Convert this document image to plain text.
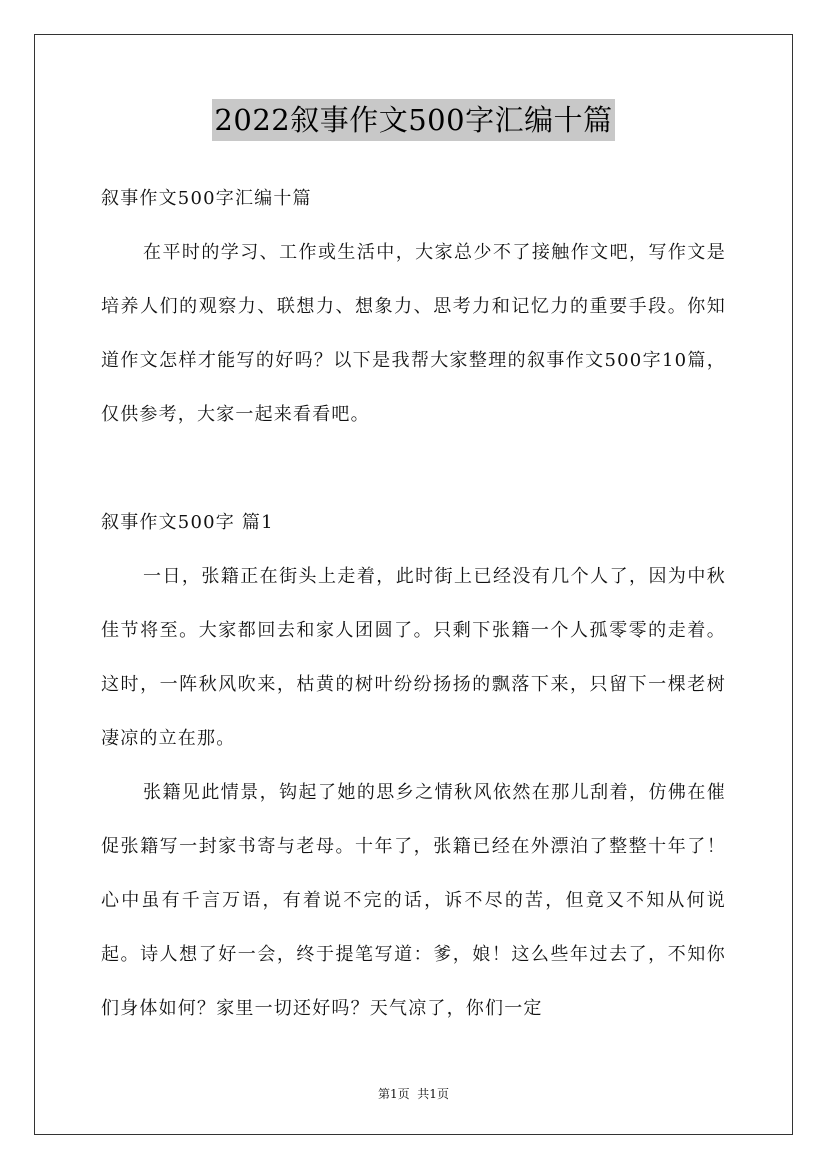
2022叙事作文500字汇编十篇

叙事作文500字汇编十篇

在平时的学习、工作或生活中，大家总少不了接触作文吧，写作文是培养人们的观察力、联想力、想象力、思考力和记忆力的重要手段。你知道作文怎样才能写的好吗？以下是我帮大家整理的叙事作文500字10篇，仅供参考，大家一起来看看吧。

叙事作文500字 篇1

一日，张籍正在街头上走着，此时街上已经没有几个人了，因为中秋佳节将至。大家都回去和家人团圆了。只剩下张籍一个人孤零零的走着。这时，一阵秋风吹来，枯黄的树叶纷纷扬扬的飘落下来，只留下一棵老树凄凉的立在那。

张籍见此情景，钩起了她的思乡之情秋风依然在那儿刮着，仿佛在催促张籍写一封家书寄与老母。十年了，张籍已经在外漂泊了整整十年了！心中虽有千言万语，有着说不完的话，诉不尽的苦，但竟又不知从何说起。诗人想了好一会，终于提笔写道：爹，娘！这么些年过去了，不知你们身体如何？家里一切还好吗？天气凉了，你们一定

第1页  共1页
